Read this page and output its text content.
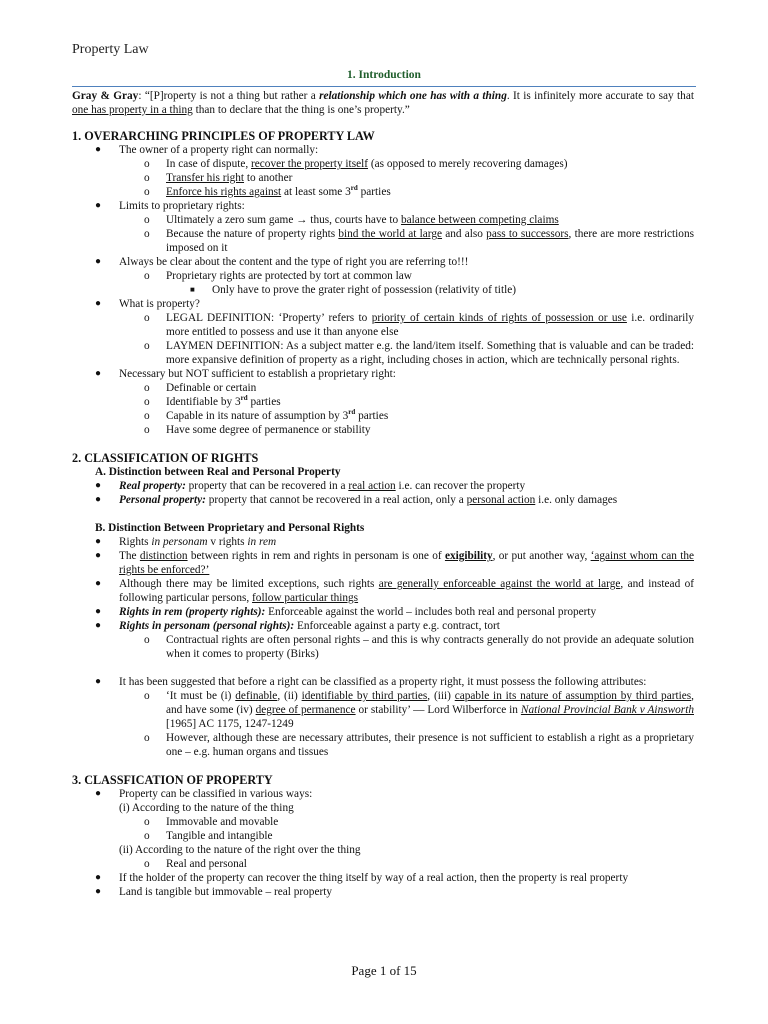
Property Law
1. Introduction

Gray & Gray: “[P]roperty is not a thing but rather a relationship which one has with a thing. It is infinitely more accurate to say that one has property in a thing than to declare that the thing is one’s property.”

1. OVERARCHING PRINCIPLES OF PROPERTY LAW

● The owner of a property right can normally:
o In case of dispute, recover the property itself (as opposed to merely recovering damages)
o Transfer his right to another
o Enforce his rights against at least some 3rd parties
● Limits to proprietary rights:
o Ultimately a zero sum game → thus, courts have to balance between competing claims
o Because the nature of property rights bind the world at large and also pass to successors, there are more restrictions imposed on it
● Always be clear about the content and the type of right you are referring to!!!
o Proprietary rights are protected by tort at common law
■ Only have to prove the grater right of possession (relativity of title)
● What is property?
o LEGAL DEFINITION: ‘Property’ refers to priority of certain kinds of rights of possession or use i.e. ordinarily more entitled to possess and use it than anyone else
o LAYMEN DEFINITION: As a subject matter e.g. the land/item itself. Something that is valuable and can be traded: more expansive definition of property as a right, including choses in action, which are technically personal rights.
● Necessary but NOT sufficient to establish a proprietary right:
o Definable or certain
o Identifiable by 3rd parties
o Capable in its nature of assumption by 3rd parties
o Have some degree of permanence or stability

2. CLASSIFICATION OF RIGHTS

A. Distinction between Real and Personal Property

● Real property: property that can be recovered in a real action i.e. can recover the property
● Personal property: property that cannot be recovered in a real action, only a personal action i.e. only damages

B. Distinction Between Proprietary and Personal Rights

● Rights in personam v rights in rem
● The distinction between rights in rem and rights in personam is one of exigibility, or put another way, ‘against whom can the rights be enforced?’
● Although there may be limited exceptions, such rights are generally enforceable against the world at large, and instead of following particular persons, follow particular things
● Rights in rem (property rights): Enforceable against the world – includes both real and personal property
● Rights in personam (personal rights): Enforceable against a party e.g. contract, tort
o Contractual rights are often personal rights – and this is why contracts generally do not provide an adequate solution when it comes to property (Birks)
● It has been suggested that before a right can be classified as a property right, it must possess the following attributes:
o ‘It must be (i) definable, (ii) identifiable by third parties, (iii) capable in its nature of assumption by third parties, and have some (iv) degree of permanence or stability’ — Lord Wilberforce in National Provincial Bank v Ainsworth [1965] AC 1175, 1247-1249
o However, although these are necessary attributes, their presence is not sufficient to establish a right as a proprietary one – e.g. human organs and tissues

3. CLASSFICATION OF PROPERTY

● Property can be classified in various ways:
(i) According to the nature of the thing
o Immovable and movable
o Tangible and intangible
(ii) According to the nature of the right over the thing
o Real and personal
● If the holder of the property can recover the thing itself by way of a real action, then the property is real property
● Land is tangible but immovable – real property
Page 1 of 15
